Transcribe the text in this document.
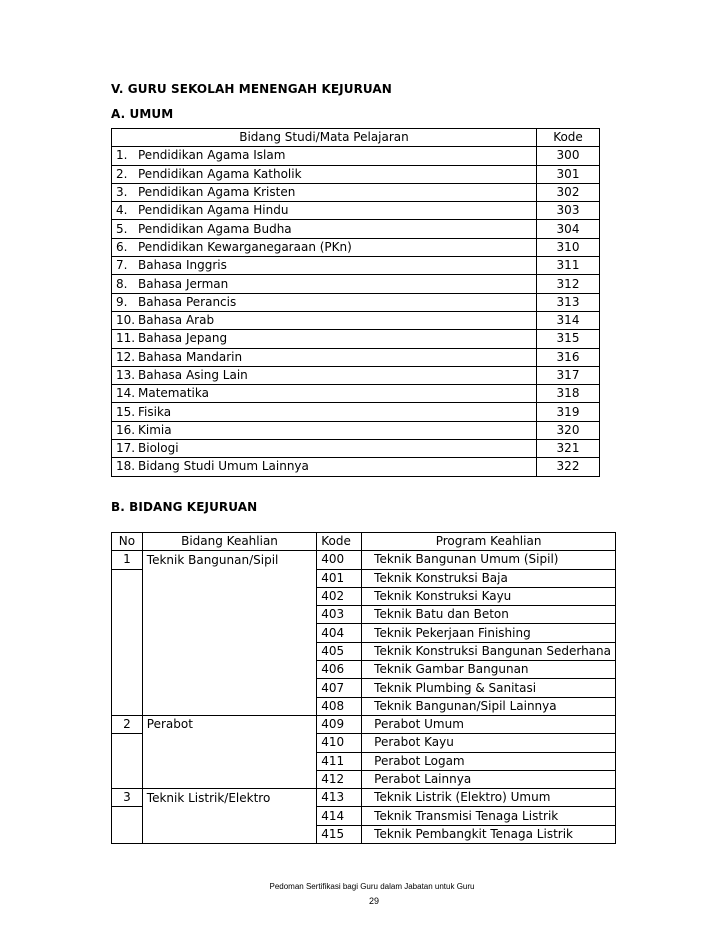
V. GURU SEKOLAH MENENGAH KEJURUAN
A. UMUM
Bidang Studi/Mata Pelajaran	Kode
1. Pendidikan Agama Islam	300
2. Pendidikan Agama Katholik	301
3. Pendidikan Agama Kristen	302
4. Pendidikan Agama Hindu	303
5. Pendidikan Agama Budha	304
6. Pendidikan Kewarganegaraan (PKn)	310
7. Bahasa Inggris	311
8. Bahasa Jerman	312
9. Bahasa Perancis	313
10. Bahasa Arab	314
11. Bahasa Jepang	315
12. Bahasa Mandarin	316
13. Bahasa Asing Lain	317
14. Matematika	318
15. Fisika	319
16. Kimia	320
17. Biologi	321
18. Bidang Studi Umum Lainnya	322
B. BIDANG KEJURUAN
No	Bidang Keahlian	Kode	Program Keahlian
1	Teknik Bangunan/Sipil	400	Teknik Bangunan Umum (Sipil)
		401	Teknik Konstruksi Baja
		402	Teknik Konstruksi Kayu
		403	Teknik Batu dan Beton
		404	Teknik Pekerjaan Finishing
		405	Teknik Konstruksi Bangunan Sederhana
		406	Teknik Gambar Bangunan
		407	Teknik Plumbing & Sanitasi
		408	Teknik Bangunan/Sipil Lainnya
2	Perabot	409	Perabot Umum
		410	Perabot Kayu
		411	Perabot Logam
		412	Perabot Lainnya
3	Teknik Listrik/Elektro	413	Teknik Listrik (Elektro) Umum
		414	Teknik Transmisi Tenaga Listrik
		415	Teknik Pembangkit Tenaga Listrik
Pedoman Sertifikasi bagi Guru dalam Jabatan untuk Guru
29
